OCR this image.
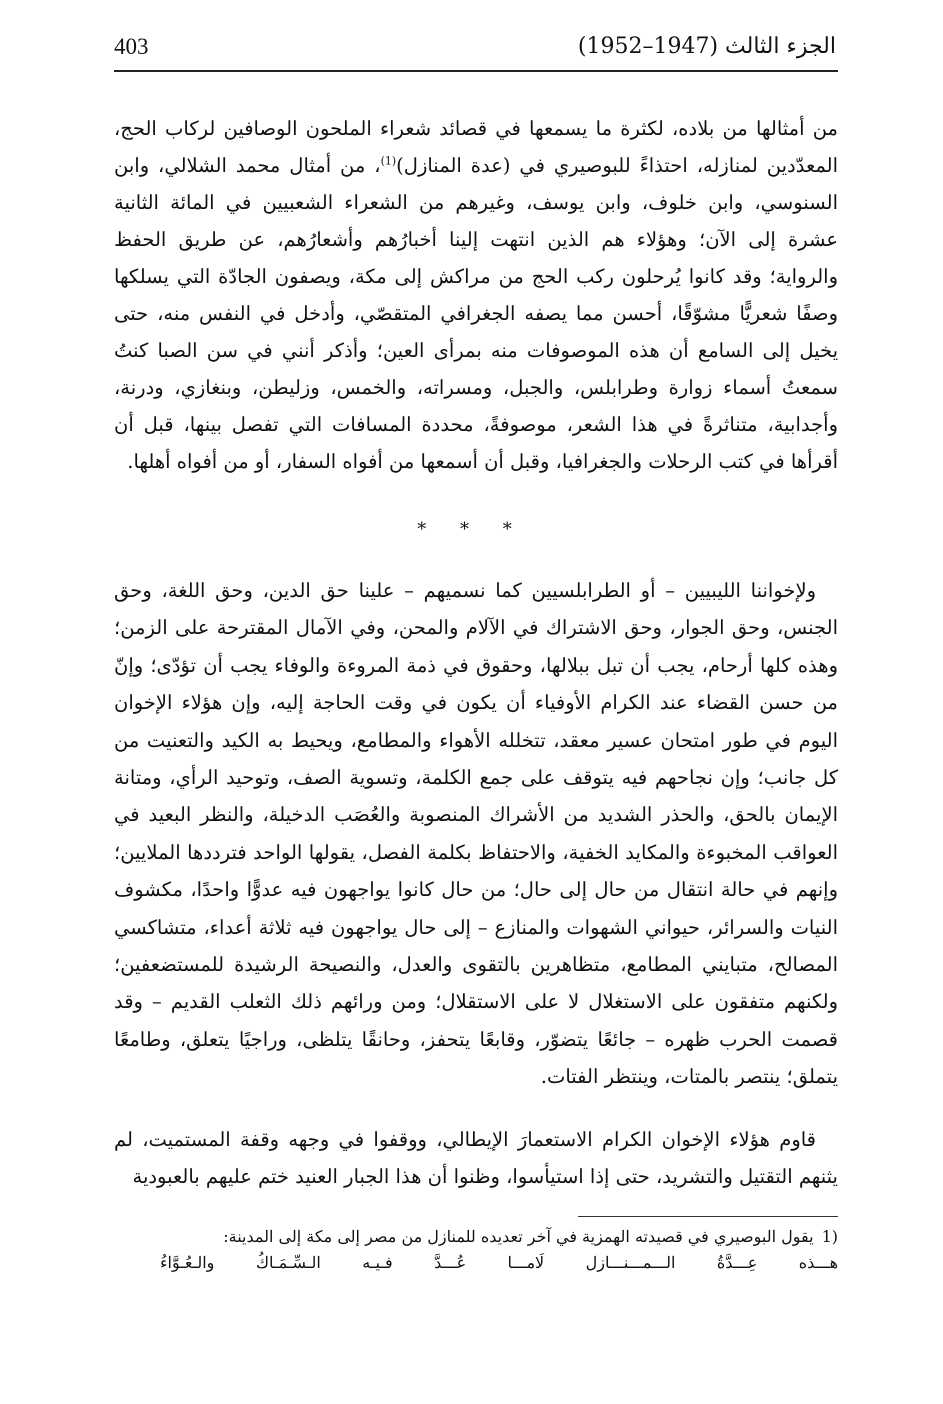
403	الجزء الثالث (1947–1952)

من أمثالها من بلاده، لكثرة ما يسمعها في قصائد شعراء الملحون الوصافين لركاب الحج، المعدّدين لمنازله، احتذاءً للبوصيري في (عدة المنازل)$^{(1)}$، من أمثال محمد الشلالي، وابن السنوسي، وابن خلوف، وابن يوسف، وغيرهم من الشعراء الشعبيين في المائة الثانية عشرة إلى الآن؛ وهؤلاء هم الذين انتهت إلينا أخبارُهم وأشعارُهم، عن طريق الحفظ والرواية؛ وقد كانوا يُرحلون ركب الحج من مراكش إلى مكة، ويصفون الجادّة التي يسلكها وصفًا شعريًّا مشوّقًا، أحسن مما يصفه الجغرافي المتقصّي، وأدخل في النفس منه، حتى يخيل إلى السامع أن هذه الموصوفات منه بمرأى العين؛ وأذكر أنني في سن الصبا كنتُ سمعتُ أسماء زوارة وطرابلس، والجبل، ومسراته، والخمس، وزليطن، وبنغازي، ودرنة، وأجدابية، متناثرةً في هذا الشعر، موصوفةً، محددة المسافات التي تفصل بينها، قبل أن أقرأها في كتب الرحلات والجغرافيا، وقبل أن أسمعها من أفواه السفار، أو من أفواه أهلها.

* * *

ولإخواننا الليبيين – أو الطرابلسيين كما نسميهم – علينا حق الدين، وحق اللغة، وحق الجنس، وحق الجوار، وحق الاشتراك في الآلام والمحن، وفي الآمال المقترحة على الزمن؛ وهذه كلها أرحام، يجب أن تبل ببلالها، وحقوق في ذمة المروءة والوفاء يجب أن تؤدّى؛ وإنّ من حسن القضاء عند الكرام الأوفياء أن يكون في وقت الحاجة إليه، وإن هؤلاء الإخوان اليوم في طور امتحان عسير معقد، تتخلله الأهواء والمطامع، ويحيط به الكيد والتعنيت من كل جانب؛ وإن نجاحهم فيه يتوقف على جمع الكلمة، وتسوية الصف، وتوحيد الرأي، ومتانة الإيمان بالحق، والحذر الشديد من الأشراك المنصوبة والعُصَب الدخيلة، والنظر البعيد في العواقب المخبوءة والمكايد الخفية، والاحتفاظ بكلمة الفصل، يقولها الواحد فترددها الملايين؛ وإنهم في حالة انتقال من حال إلى حال؛ من حال كانوا يواجهون فيه عدوًّا واحدًا، مكشوف النيات والسرائر، حيواني الشهوات والمنازع – إلى حال يواجهون فيه ثلاثة أعداء، متشاكسي المصالح، متبايني المطامع، متظاهرين بالتقوى والعدل، والنصيحة الرشيدة للمستضعفين؛ ولكنهم متفقون على الاستغلال لا على الاستقلال؛ ومن ورائهم ذلك الثعلب القديم – وقد قصمت الحرب ظهره – جائعًا يتضوّر، وقابعًا يتحفز، وحانقًا يتلظى، وراجيًا يتعلق، وطامعًا يتملق؛ ينتصر بالمتات، وينتظر الفتات.

قاوم هؤلاء الإخوان الكرام الاستعمارَ الإيطالي، ووقفوا في وجهه وقفة المستميت، لم يثنهم التقتيل والتشريد، حتى إذا استيأسوا، وظنوا أن هذا الجبار العنيد ختم عليهم بالعبودية

1)يقول البوصيري في قصيدته الهمزية في آخر تعديده للمنازل من مصر إلى مكة إلى المدينة:
هـــذه عِـــدَّةُ الـــمـــنـــازل لَامـــا عُـــدَّ فـيـه الـسِّـمَـاكُ والـعُـوَّاءُ
